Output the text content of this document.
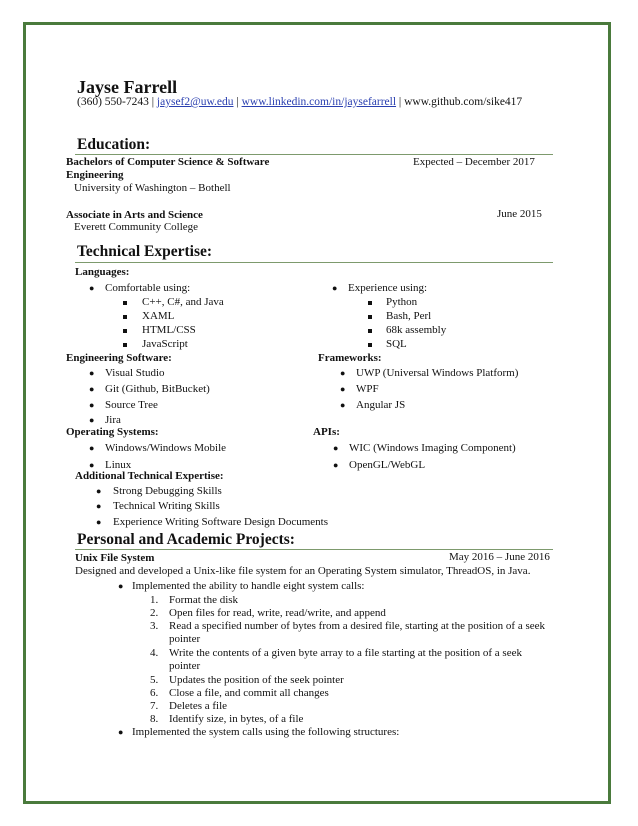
Jayse Farrell
(360) 550-7243 | jaysef2@uw.edu | www.linkedin.com/in/jaysefarrell | www.github.com/sike417
Education:
Bachelors of Computer Science & Software
Engineering
Expected – December 2017
University of Washington – Bothell
Associate in Arts and Science	June 2015
Everett Community College
Technical Expertise:
Languages:
● Comfortable using:
C++, C#, and Java
XAML
HTML/CSS
JavaScript
● Experience using:
Python
Bash, Perl
68k assembly
SQL
Engineering Software:
● Visual Studio
● Git (Github, BitBucket)
● Source Tree
● Jira
Frameworks:
● UWP (Universal Windows Platform)
● WPF
● Angular JS
Operating Systems:
● Windows/Windows Mobile
● Linux
APIs:
● WIC (Windows Imaging Component)
● OpenGL/WebGL
Additional Technical Expertise:
● Strong Debugging Skills
● Technical Writing Skills
● Experience Writing Software Design Documents
Personal and Academic Projects:
Unix File System	May 2016 – June 2016
Designed and developed a Unix-like file system for an Operating System simulator, ThreadOS, in Java.
● Implemented the ability to handle eight system calls:
1. Format the disk
2. Open files for read, write, read/write, and append
3. Read a specified number of bytes from a desired file, starting at the position of a seek
pointer
4. Write the contents of a given byte array to a file starting at the position of a seek
pointer
5. Updates the position of the seek pointer
6. Close a file, and commit all changes
7. Deletes a file
8. Identify size, in bytes, of a file
● Implemented the system calls using the following structures:
